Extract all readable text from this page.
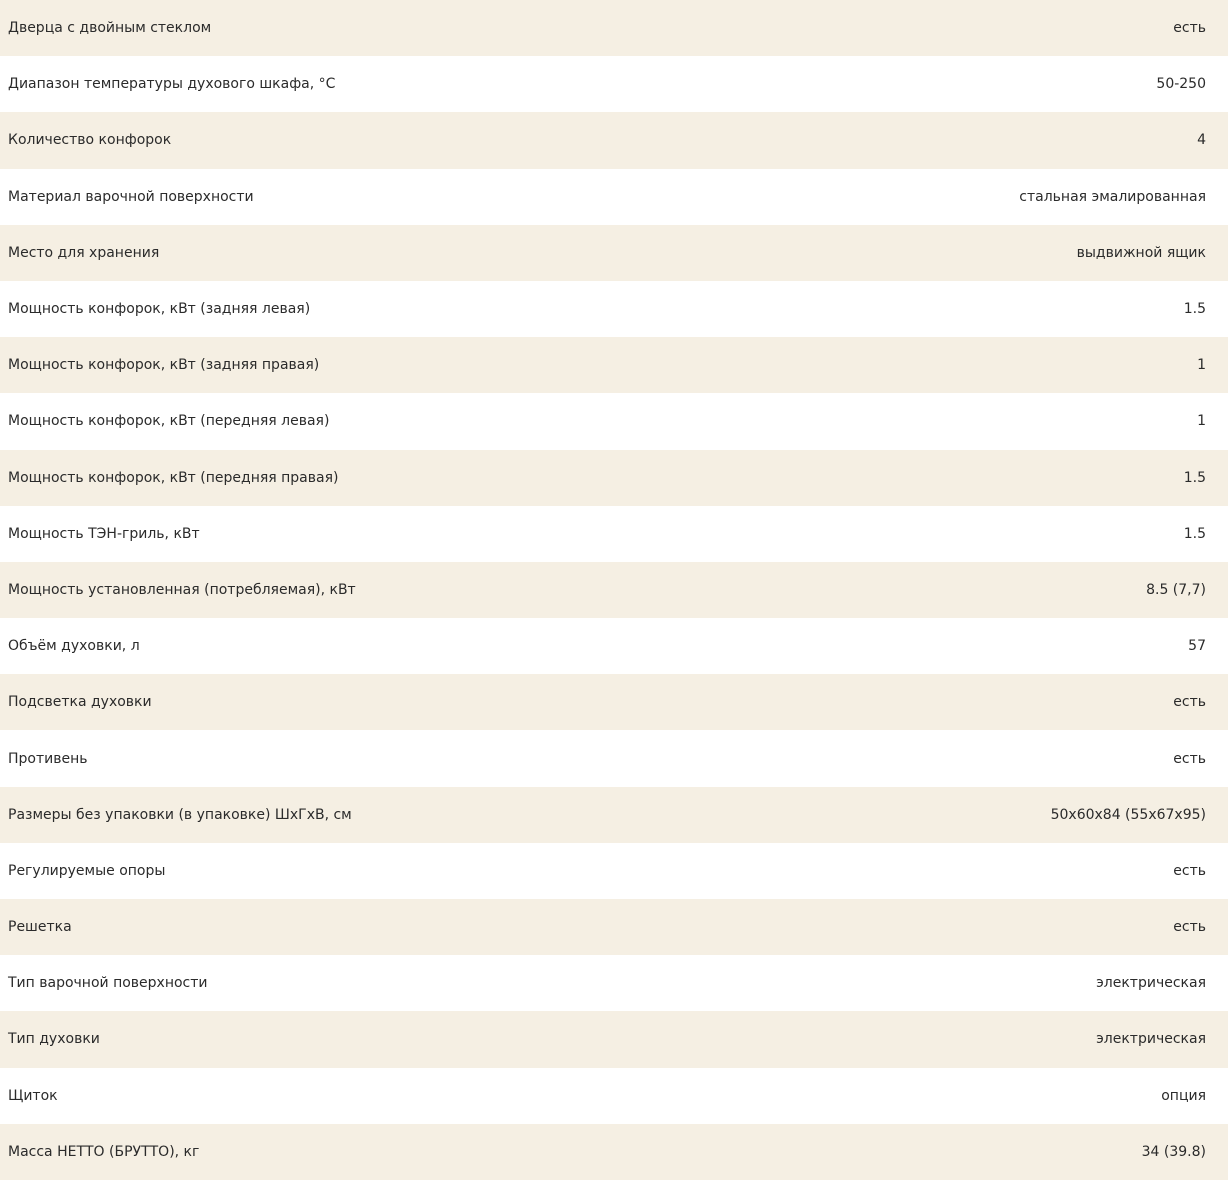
Дверца с двойным стеклом	есть
Диапазон температуры духового шкафа, °С	50-250
Количество конфорок	4
Материал варочной поверхности	стальная эмалированная
Место для хранения	выдвижной ящик
Мощность конфорок, кВт (задняя левая)	1.5
Мощность конфорок, кВт (задняя правая)	1
Мощность конфорок, кВт (передняя левая)	1
Мощность конфорок, кВт (передняя правая)	1.5
Мощность ТЭН-гриль, кВт	1.5
Мощность установленная (потребляемая), кВт	8.5 (7,7)
Объём духовки, л	57
Подсветка духовки	есть
Противень	есть
Размеры без упаковки (в упаковке) ШхГхВ, см	50x60x84 (55x67x95)
Регулируемые опоры	есть
Решетка	есть
Тип варочной поверхности	электрическая
Тип духовки	электрическая
Щиток	опция
Масса НЕТТО (БРУТТО), кг	34 (39.8)
